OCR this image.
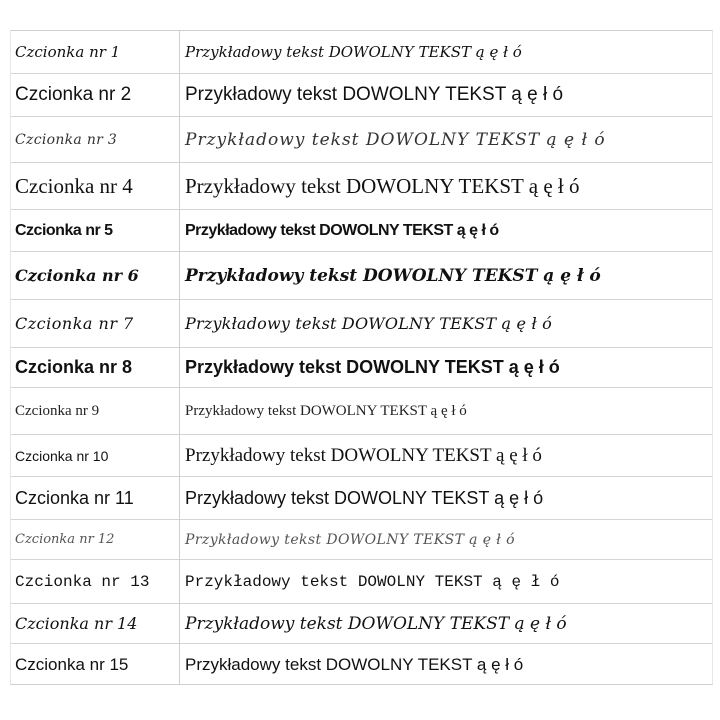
Czcionka nr 1	Przykładowy tekst DOWOLNY TEKST ą ę ł ó
Czcionka nr 2	Przykładowy tekst DOWOLNY TEKST ą ę ł ó
Czcionka nr 3	Przykładowy tekst DOWOLNY TEKST ą ę ł ó
Czcionka nr 4	Przykładowy tekst DOWOLNY TEKST ą ę ł ó
Czcionka nr 5	Przykładowy tekst DOWOLNY TEKST ą ę ł ó
Czcionka nr 6	Przykładowy tekst DOWOLNY TEKST ą ę ł ó
Czcionka nr 7	Przykładowy tekst DOWOLNY TEKST ą ę ł ó
Czcionka nr 8	Przykładowy tekst DOWOLNY TEKST ą ę ł ó
Czcionka nr 9	Przykładowy tekst DOWOLNY TEKST ą ę ł ó
Czcionka nr 10	Przykładowy tekst DOWOLNY TEKST ą ę ł ó
Czcionka nr 11	Przykładowy tekst DOWOLNY TEKST ą ę ł ó
Czcionka nr 12	Przykładowy tekst DOWOLNY TEKST ą ę ł ó
Czcionka nr 13	Przykładowy tekst DOWOLNY TEKST ą ę ł ó
Czcionka nr 14	Przykładowy tekst DOWOLNY TEKST ą ę ł ó
Czcionka nr 15	Przykładowy tekst DOWOLNY TEKST ą ę ł ó
